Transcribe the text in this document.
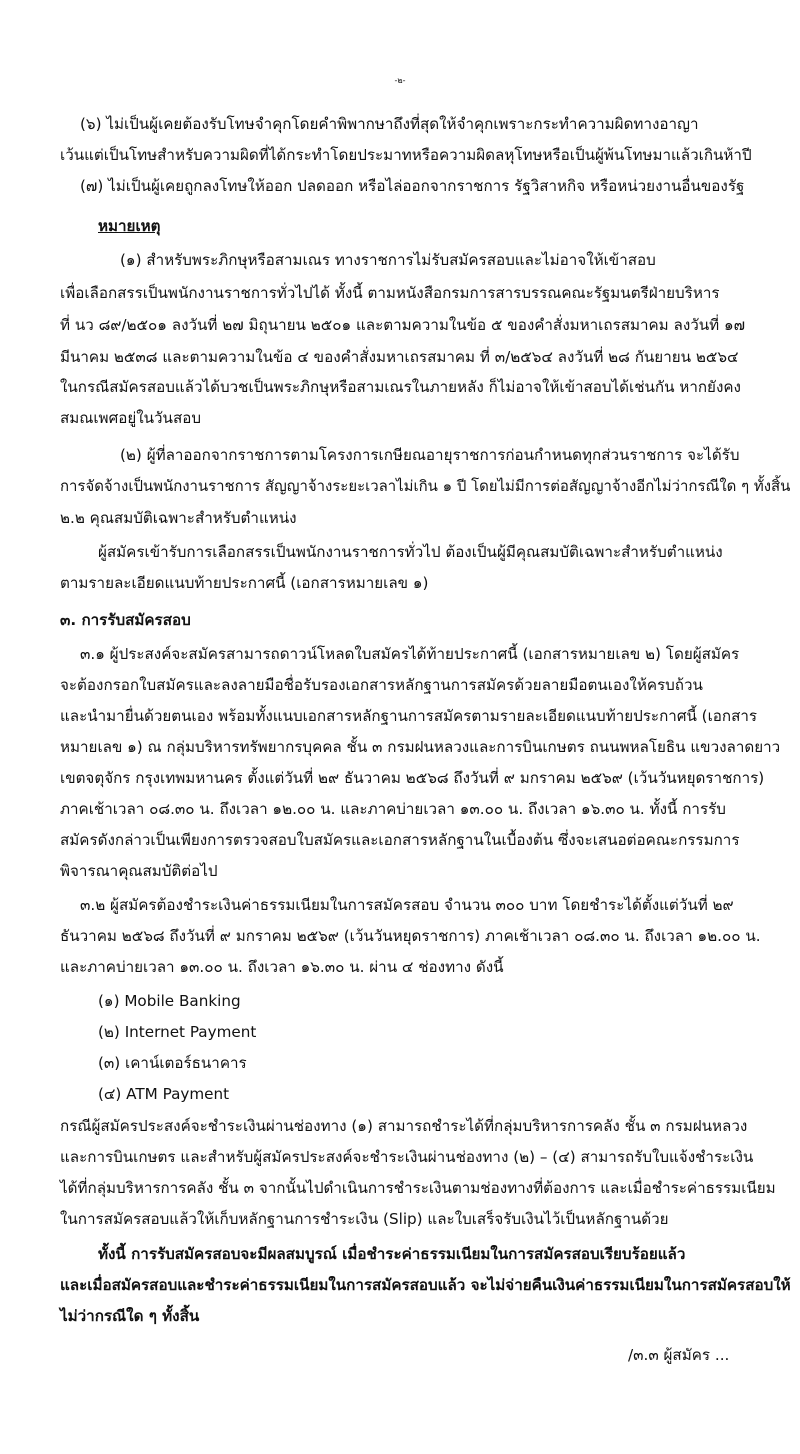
-๒-
(๖) ไม่เป็นผู้เคยต้องรับโทษจำคุกโดยคำพิพากษาถึงที่สุดให้จำคุกเพราะกระทำความผิดทางอาญา
เว้นแต่เป็นโทษสำหรับความผิดที่ได้กระทำโดยประมาทหรือความผิดลหุโทษหรือเป็นผู้พ้นโทษมาแล้วเกินห้าปี
(๗) ไม่เป็นผู้เคยถูกลงโทษให้ออก ปลดออก หรือไล่ออกจากราชการ รัฐวิสาหกิจ หรือหน่วยงานอื่นของรัฐ
หมายเหตุ
(๑) สำหรับพระภิกษุหรือสามเณร ทางราชการไม่รับสมัครสอบและไม่อาจให้เข้าสอบ
เพื่อเลือกสรรเป็นพนักงานราชการทั่วไปได้ ทั้งนี้ ตามหนังสือกรมการสารบรรณคณะรัฐมนตรีฝ่ายบริหาร
ที่ นว ๘๙/๒๕๐๑ ลงวันที่ ๒๗ มิถุนายน ๒๕๐๑ และตามความในข้อ ๕ ของคำสั่งมหาเถรสมาคม ลงวันที่ ๑๗
มีนาคม ๒๕๓๘ และตามความในข้อ ๔ ของคำสั่งมหาเถรสมาคม ที่ ๓/๒๕๖๔ ลงวันที่ ๒๘ กันยายน ๒๕๖๔
ในกรณีสมัครสอบแล้วได้บวชเป็นพระภิกษุหรือสามเณรในภายหลัง ก็ไม่อาจให้เข้าสอบได้เช่นกัน หากยังคง
สมณเพศอยู่ในวันสอบ
(๒) ผู้ที่ลาออกจากราชการตามโครงการเกษียณอายุราชการก่อนกำหนดทุกส่วนราชการ จะได้รับ
การจัดจ้างเป็นพนักงานราชการ สัญญาจ้างระยะเวลาไม่เกิน ๑ ปี โดยไม่มีการต่อสัญญาจ้างอีกไม่ว่ากรณีใด ๆ ทั้งสิ้น
๒.๒ คุณสมบัติเฉพาะสำหรับตำแหน่ง
ผู้สมัครเข้ารับการเลือกสรรเป็นพนักงานราชการทั่วไป ต้องเป็นผู้มีคุณสมบัติเฉพาะสำหรับตำแหน่ง
ตามรายละเอียดแนบท้ายประกาศนี้ (เอกสารหมายเลข ๑)
๓. การรับสมัครสอบ
๓.๑ ผู้ประสงค์จะสมัครสามารถดาวน์โหลดใบสมัครได้ท้ายประกาศนี้ (เอกสารหมายเลข ๒) โดยผู้สมัคร
จะต้องกรอกใบสมัครและลงลายมือชื่อรับรองเอกสารหลักฐานการสมัครด้วยลายมือตนเองให้ครบถ้วน
และนำมายื่นด้วยตนเอง พร้อมทั้งแนบเอกสารหลักฐานการสมัครตามรายละเอียดแนบท้ายประกาศนี้ (เอกสาร
หมายเลข ๑) ณ กลุ่มบริหารทรัพยากรบุคคล ชั้น ๓ กรมฝนหลวงและการบินเกษตร ถนนพหลโยธิน แขวงลาดยาว
เขตจตุจักร กรุงเทพมหานคร ตั้งแต่วันที่ ๒๙ ธันวาคม ๒๕๖๘ ถึงวันที่ ๙ มกราคม ๒๕๖๙ (เว้นวันหยุดราชการ)
ภาคเช้าเวลา ๐๘.๓๐ น. ถึงเวลา ๑๒.๐๐ น. และภาคบ่ายเวลา ๑๓.๐๐ น. ถึงเวลา ๑๖.๓๐ น. ทั้งนี้ การรับ
สมัครดังกล่าวเป็นเพียงการตรวจสอบใบสมัครและเอกสารหลักฐานในเบื้องต้น ซึ่งจะเสนอต่อคณะกรรมการ
พิจารณาคุณสมบัติต่อไป
๓.๒ ผู้สมัครต้องชำระเงินค่าธรรมเนียมในการสมัครสอบ จำนวน ๓๐๐ บาท โดยชำระได้ตั้งแต่วันที่ ๒๙
ธันวาคม ๒๕๖๘ ถึงวันที่ ๙ มกราคม ๒๕๖๙ (เว้นวันหยุดราชการ) ภาคเช้าเวลา ๐๘.๓๐ น. ถึงเวลา ๑๒.๐๐ น.
และภาคบ่ายเวลา ๑๓.๐๐ น. ถึงเวลา ๑๖.๓๐ น. ผ่าน ๔ ช่องทาง ดังนี้
(๑) Mobile Banking
(๒) Internet Payment
(๓) เคาน์เตอร์ธนาคาร
(๔) ATM Payment
กรณีผู้สมัครประสงค์จะชำระเงินผ่านช่องทาง (๑) สามารถชำระได้ที่กลุ่มบริหารการคลัง ชั้น ๓ กรมฝนหลวง
และการบินเกษตร และสำหรับผู้สมัครประสงค์จะชำระเงินผ่านช่องทาง (๒) – (๔) สามารถรับใบแจ้งชำระเงิน
ได้ที่กลุ่มบริหารการคลัง ชั้น ๓ จากนั้นไปดำเนินการชำระเงินตามช่องทางที่ต้องการ และเมื่อชำระค่าธรรมเนียม
ในการสมัครสอบแล้วให้เก็บหลักฐานการชำระเงิน (Slip) และใบเสร็จรับเงินไว้เป็นหลักฐานด้วย
ทั้งนี้ การรับสมัครสอบจะมีผลสมบูรณ์ เมื่อชำระค่าธรรมเนียมในการสมัครสอบเรียบร้อยแล้ว
และเมื่อสมัครสอบและชำระค่าธรรมเนียมในการสมัครสอบแล้ว จะไม่จ่ายคืนเงินค่าธรรมเนียมในการสมัครสอบให้
ไม่ว่ากรณีใด ๆ ทั้งสิ้น
/๓.๓ ผู้สมัคร ...
